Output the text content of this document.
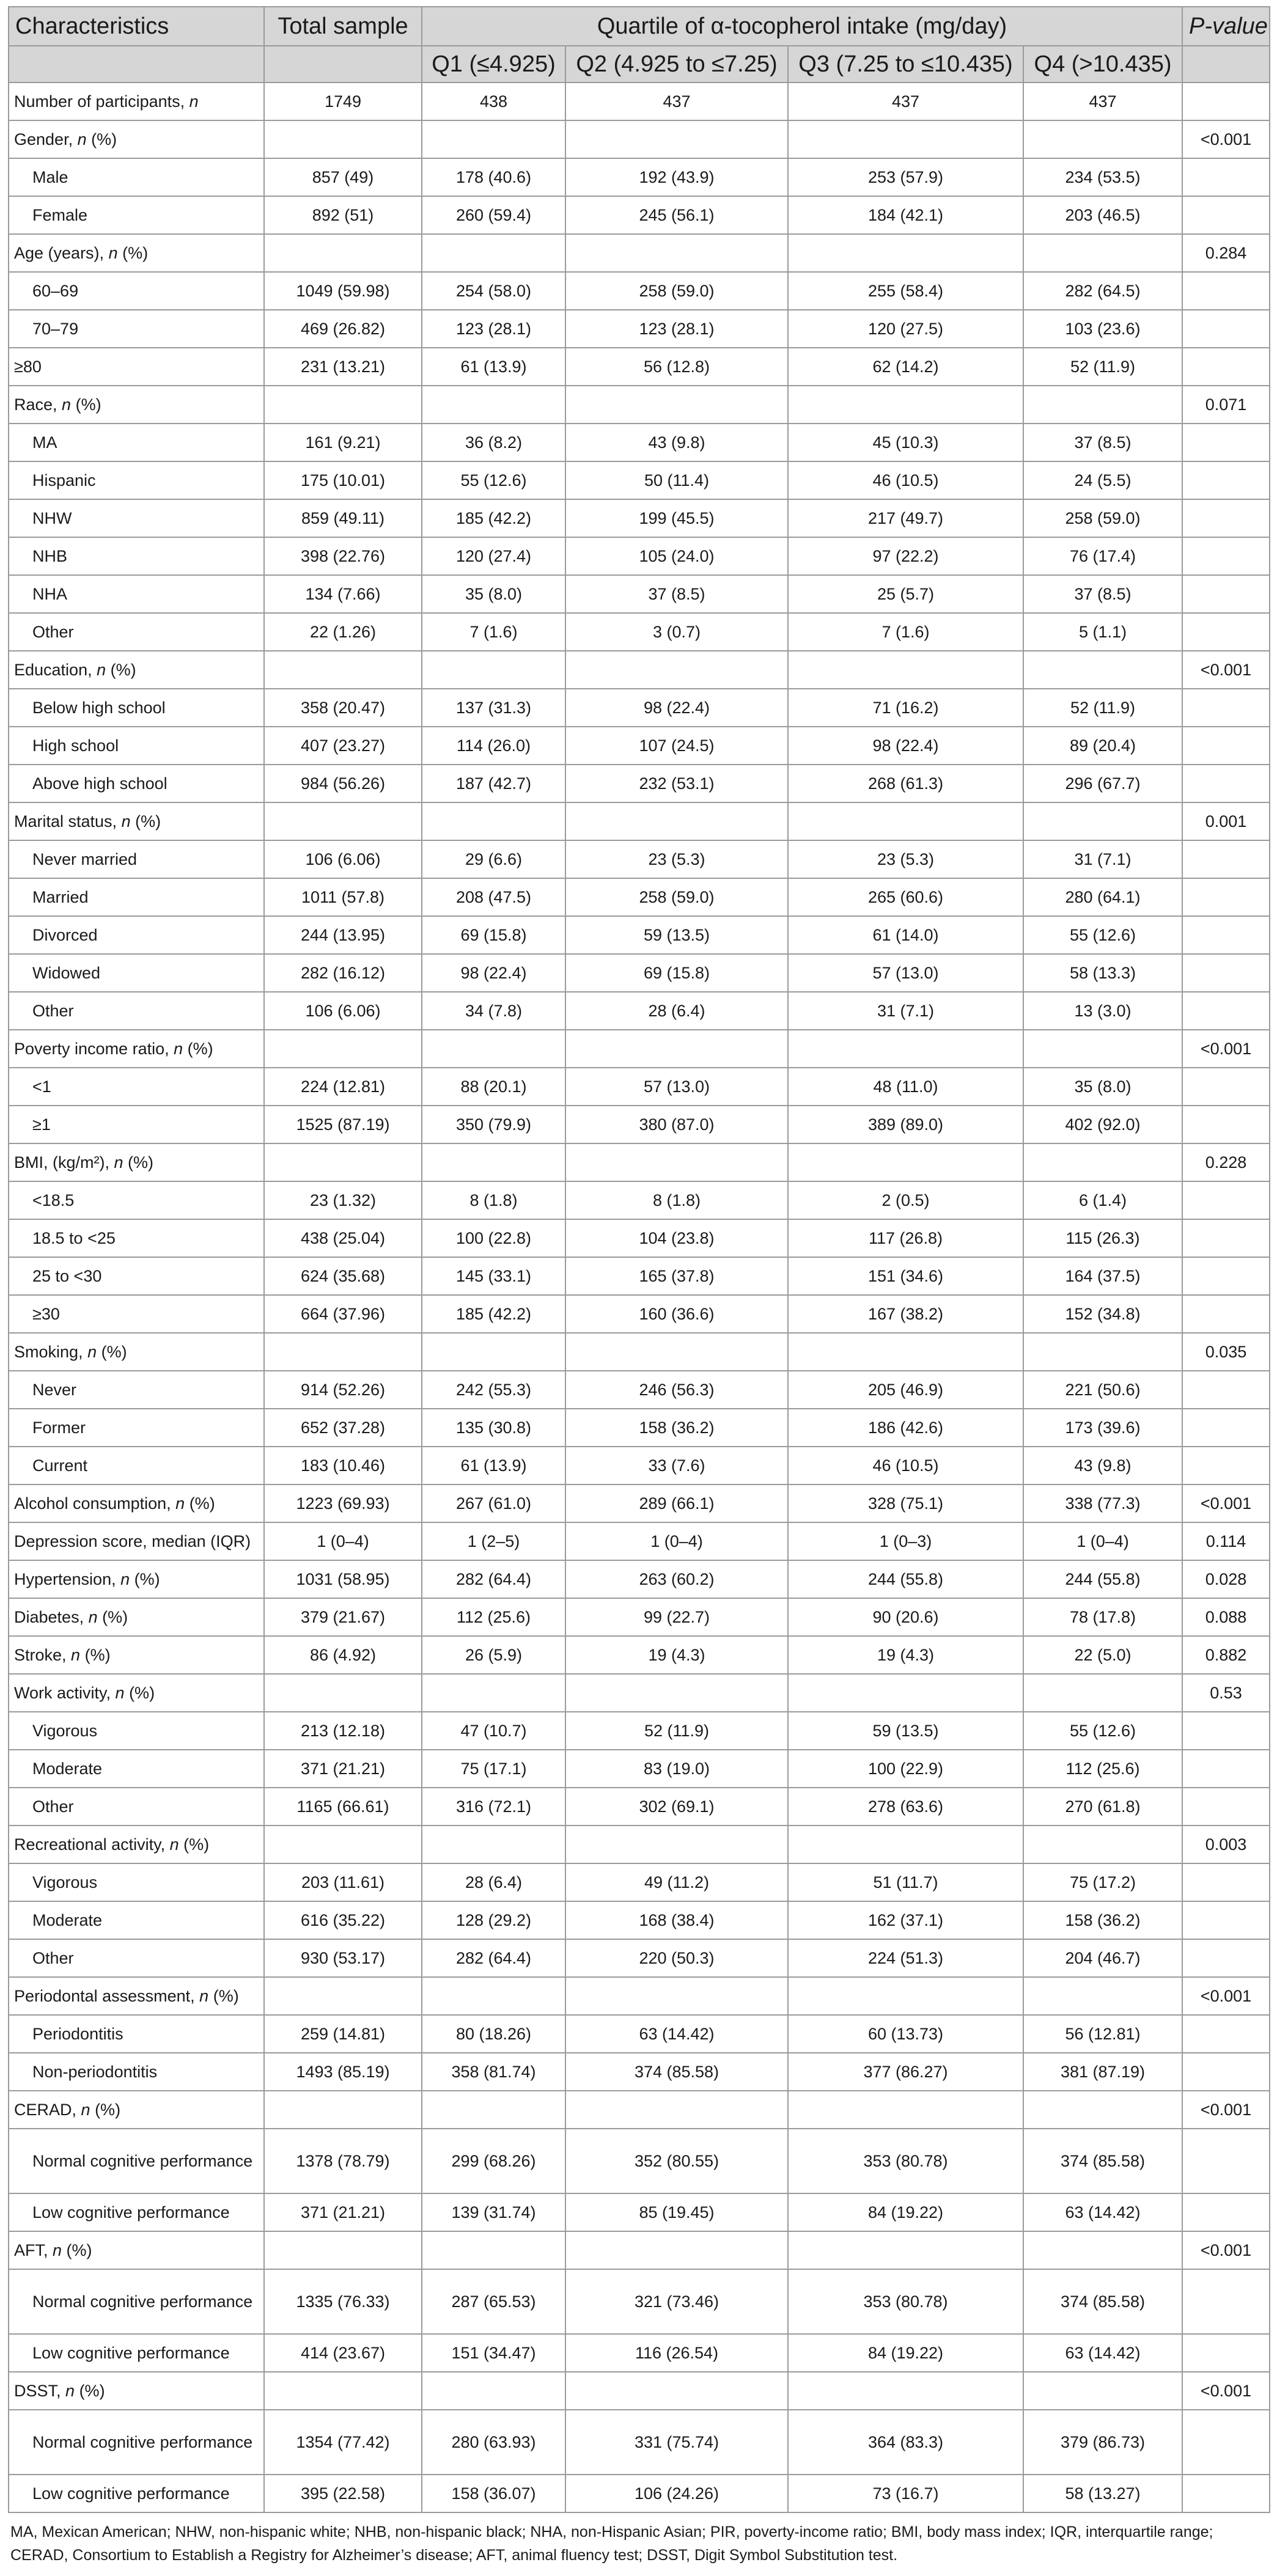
Characteristics	Total sample	Quartile of α-tocopherol intake (mg/day)				P-value
		Q1 (≤4.925)	Q2 (4.925 to ≤7.25)	Q3 (7.25 to ≤10.435)	Q4 (>10.435)	
Number of participants, n	1749	438	437	437	437	
Gender, n (%)						<0.001
Male	857 (49)	178 (40.6)	192 (43.9)	253 (57.9)	234 (53.5)	
Female	892 (51)	260 (59.4)	245 (56.1)	184 (42.1)	203 (46.5)	
Age (years), n (%)						0.284
60–69	1049 (59.98)	254 (58.0)	258 (59.0)	255 (58.4)	282 (64.5)	
70–79	469 (26.82)	123 (28.1)	123 (28.1)	120 (27.5)	103 (23.6)	
≥80	231 (13.21)	61 (13.9)	56 (12.8)	62 (14.2)	52 (11.9)	
Race, n (%)						0.071
MA	161 (9.21)	36 (8.2)	43 (9.8)	45 (10.3)	37 (8.5)	
Hispanic	175 (10.01)	55 (12.6)	50 (11.4)	46 (10.5)	24 (5.5)	
NHW	859 (49.11)	185 (42.2)	199 (45.5)	217 (49.7)	258 (59.0)	
NHB	398 (22.76)	120 (27.4)	105 (24.0)	97 (22.2)	76 (17.4)	
NHA	134 (7.66)	35 (8.0)	37 (8.5)	25 (5.7)	37 (8.5)	
Other	22 (1.26)	7 (1.6)	3 (0.7)	7 (1.6)	5 (1.1)	
Education, n (%)						<0.001
Below high school	358 (20.47)	137 (31.3)	98 (22.4)	71 (16.2)	52 (11.9)	
High school	407 (23.27)	114 (26.0)	107 (24.5)	98 (22.4)	89 (20.4)	
Above high school	984 (56.26)	187 (42.7)	232 (53.1)	268 (61.3)	296 (67.7)	
Marital status, n (%)						0.001
Never married	106 (6.06)	29 (6.6)	23 (5.3)	23 (5.3)	31 (7.1)	
Married	1011 (57.8)	208 (47.5)	258 (59.0)	265 (60.6)	280 (64.1)	
Divorced	244 (13.95)	69 (15.8)	59 (13.5)	61 (14.0)	55 (12.6)	
Widowed	282 (16.12)	98 (22.4)	69 (15.8)	57 (13.0)	58 (13.3)	
Other	106 (6.06)	34 (7.8)	28 (6.4)	31 (7.1)	13 (3.0)	
Poverty income ratio, n (%)						<0.001
<1	224 (12.81)	88 (20.1)	57 (13.0)	48 (11.0)	35 (8.0)	
≥1	1525 (87.19)	350 (79.9)	380 (87.0)	389 (89.0)	402 (92.0)	
BMI, (kg/m²), n (%)						0.228
<18.5	23 (1.32)	8 (1.8)	8 (1.8)	2 (0.5)	6 (1.4)	
18.5 to <25	438 (25.04)	100 (22.8)	104 (23.8)	117 (26.8)	115 (26.3)	
25 to <30	624 (35.68)	145 (33.1)	165 (37.8)	151 (34.6)	164 (37.5)	
≥30	664 (37.96)	185 (42.2)	160 (36.6)	167 (38.2)	152 (34.8)	
Smoking, n (%)						0.035
Never	914 (52.26)	242 (55.3)	246 (56.3)	205 (46.9)	221 (50.6)	
Former	652 (37.28)	135 (30.8)	158 (36.2)	186 (42.6)	173 (39.6)	
Current	183 (10.46)	61 (13.9)	33 (7.6)	46 (10.5)	43 (9.8)	
Alcohol consumption, n (%)	1223 (69.93)	267 (61.0)	289 (66.1)	328 (75.1)	338 (77.3)	<0.001
Depression score, median (IQR)	1 (0–4)	1 (2–5)	1 (0–4)	1 (0–3)	1 (0–4)	0.114
Hypertension, n (%)	1031 (58.95)	282 (64.4)	263 (60.2)	244 (55.8)	244 (55.8)	0.028
Diabetes, n (%)	379 (21.67)	112 (25.6)	99 (22.7)	90 (20.6)	78 (17.8)	0.088
Stroke, n (%)	86 (4.92)	26 (5.9)	19 (4.3)	19 (4.3)	22 (5.0)	0.882
Work activity, n (%)						0.53
Vigorous	213 (12.18)	47 (10.7)	52 (11.9)	59 (13.5)	55 (12.6)	
Moderate	371 (21.21)	75 (17.1)	83 (19.0)	100 (22.9)	112 (25.6)	
Other	1165 (66.61)	316 (72.1)	302 (69.1)	278 (63.6)	270 (61.8)	
Recreational activity, n (%)						0.003
Vigorous	203 (11.61)	28 (6.4)	49 (11.2)	51 (11.7)	75 (17.2)	
Moderate	616 (35.22)	128 (29.2)	168 (38.4)	162 (37.1)	158 (36.2)	
Other	930 (53.17)	282 (64.4)	220 (50.3)	224 (51.3)	204 (46.7)	
Periodontal assessment, n (%)						<0.001
Periodontitis	259 (14.81)	80 (18.26)	63 (14.42)	60 (13.73)	56 (12.81)	
Non-periodontitis	1493 (85.19)	358 (81.74)	374 (85.58)	377 (86.27)	381 (87.19)	
CERAD, n (%)						<0.001
Normal cognitive performance	1378 (78.79)	299 (68.26)	352 (80.55)	353 (80.78)	374 (85.58)	
Low cognitive performance	371 (21.21)	139 (31.74)	85 (19.45)	84 (19.22)	63 (14.42)	
AFT, n (%)						<0.001
Normal cognitive performance	1335 (76.33)	287 (65.53)	321 (73.46)	353 (80.78)	374 (85.58)	
Low cognitive performance	414 (23.67)	151 (34.47)	116 (26.54)	84 (19.22)	63 (14.42)	
DSST, n (%)						<0.001
Normal cognitive performance	1354 (77.42)	280 (63.93)	331 (75.74)	364 (83.3)	379 (86.73)	
Low cognitive performance	395 (22.58)	158 (36.07)	106 (24.26)	73 (16.7)	58 (13.27)	
MA, Mexican American; NHW, non-hispanic white; NHB, non-hispanic black; NHA, non-Hispanic Asian; PIR, poverty-income ratio; BMI, body mass index; IQR, interquartile range; CERAD, Consortium to Establish a Registry for Alzheimer’s disease; AFT, animal fluency test; DSST, Digit Symbol Substitution test.
